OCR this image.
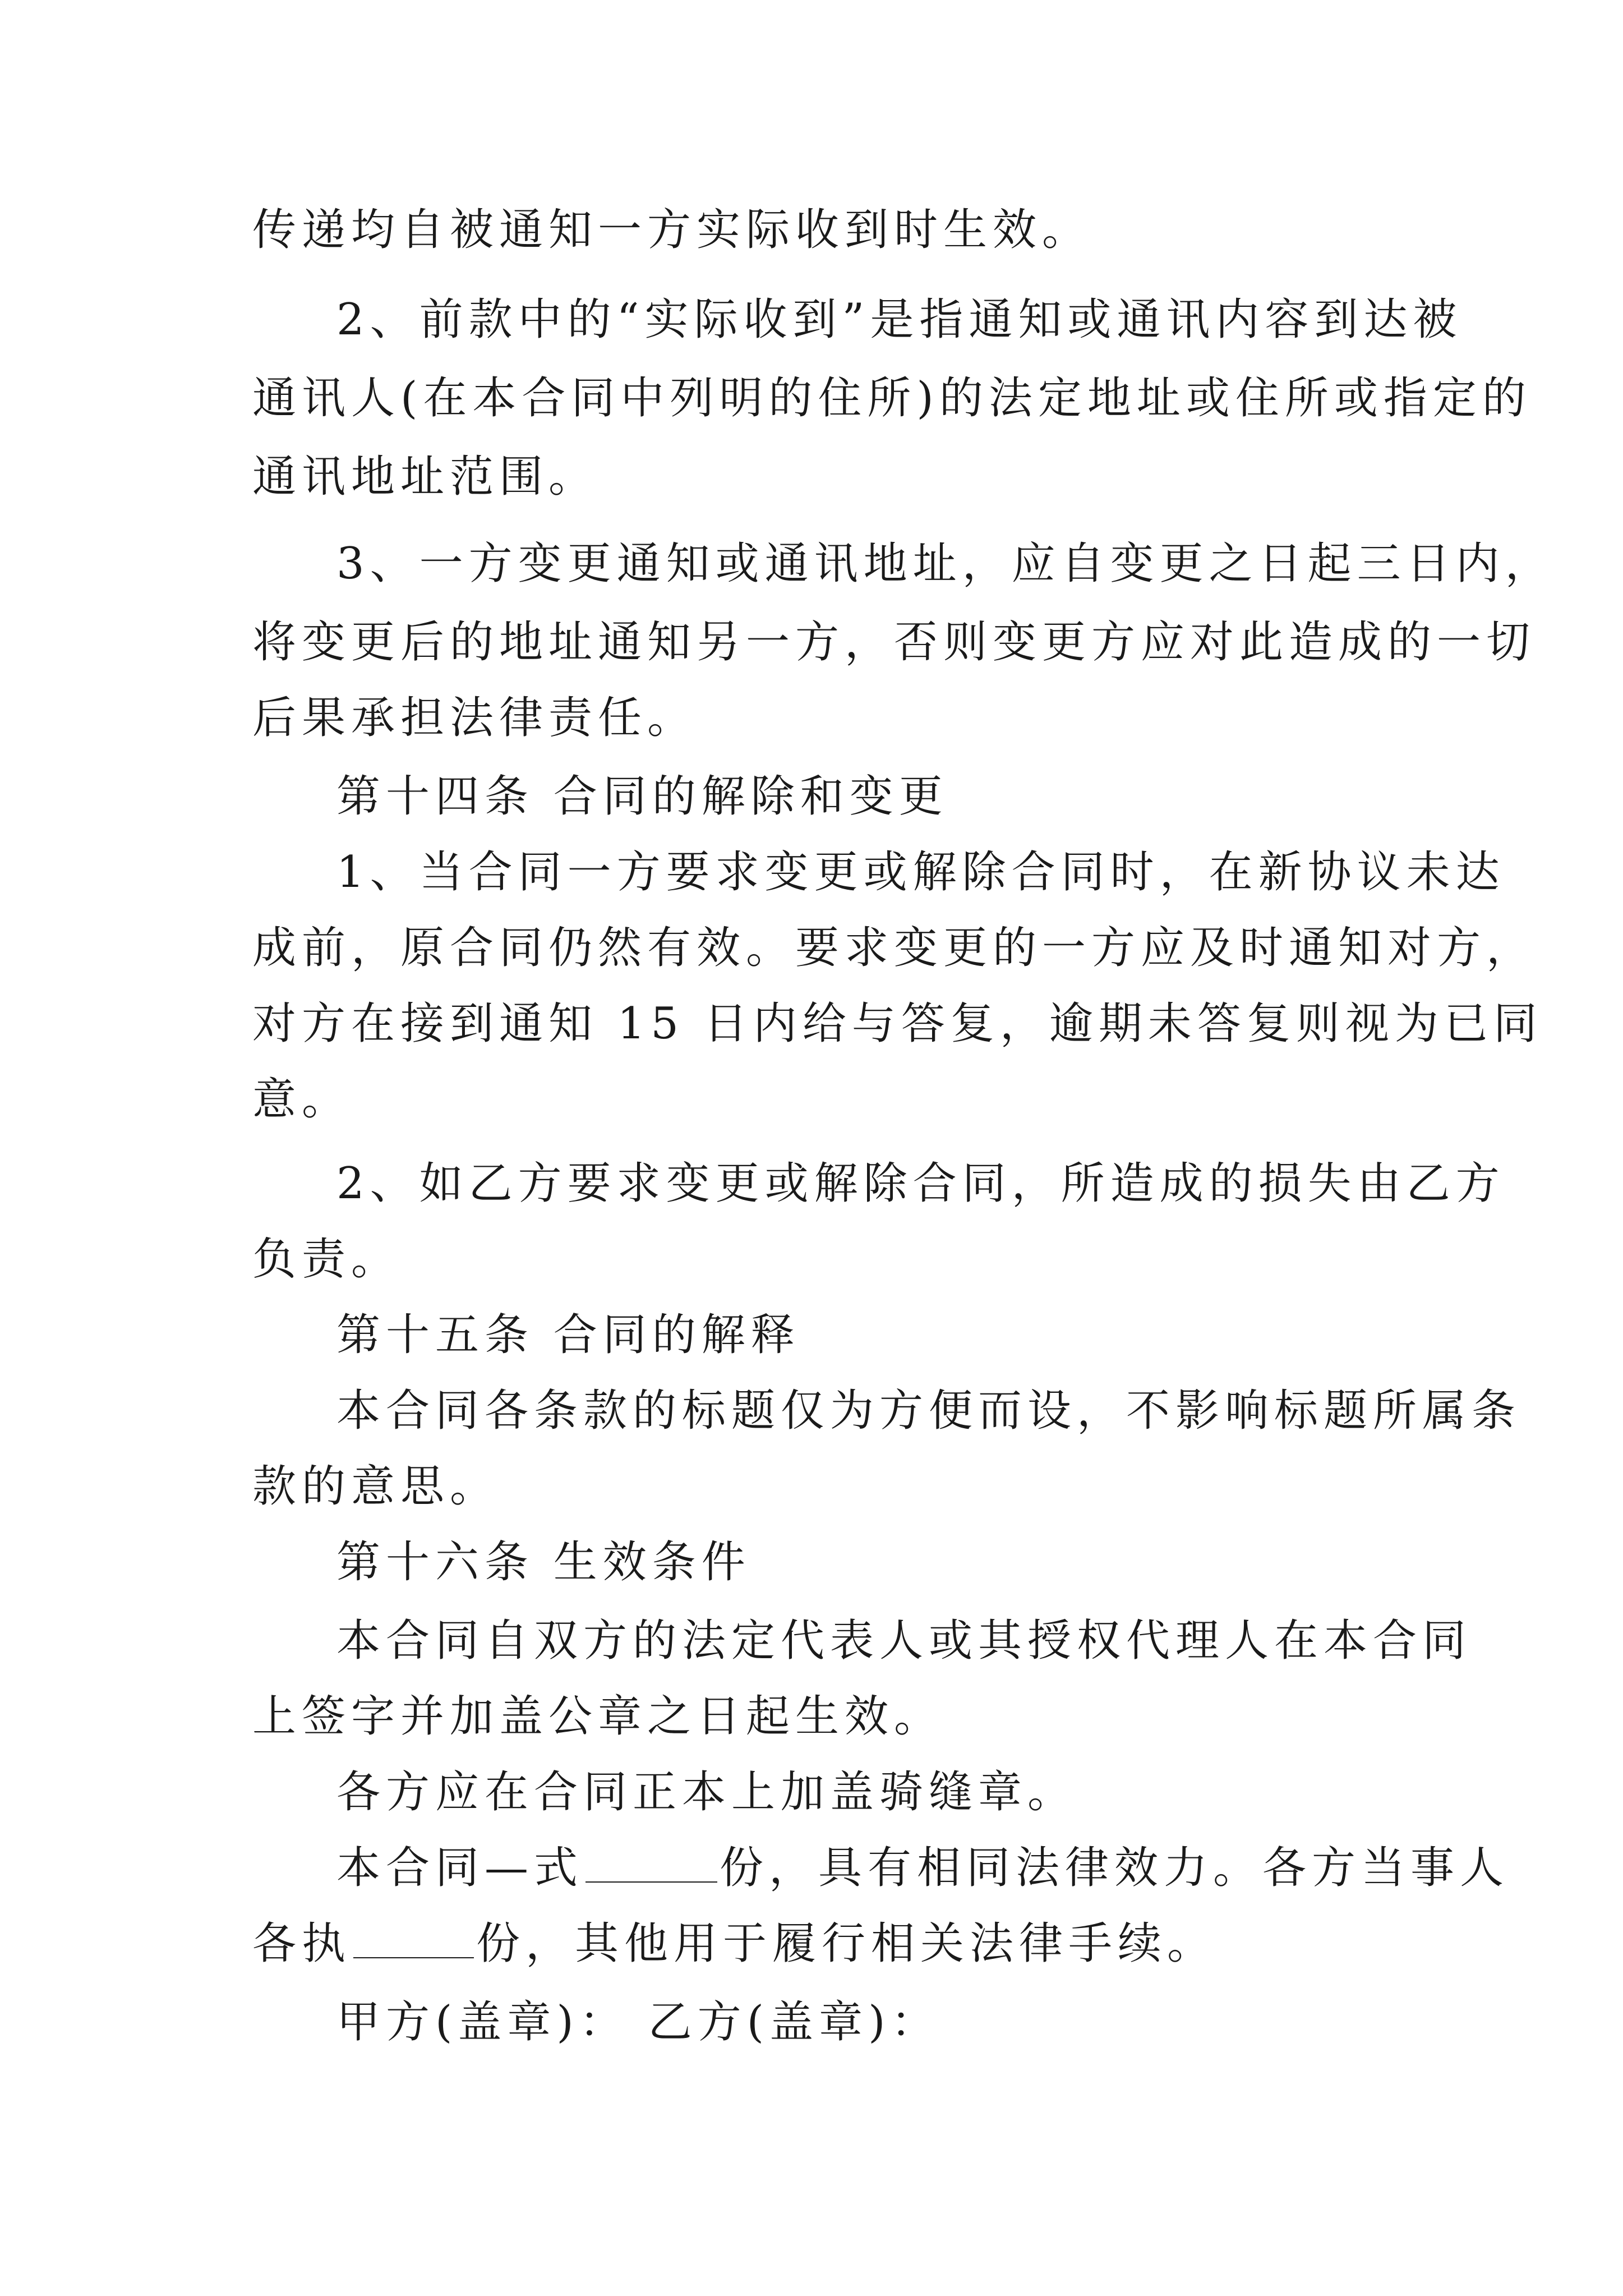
传递均自被通知一方实际收到时生效。
2、前款中的“实际收到”是指通知或通讯内容到达被
通讯人(在本合同中列明的住所)的法定地址或住所或指定的
通讯地址范围。
3、一方变更通知或通讯地址，应自变更之日起三日内，
将变更后的地址通知另一方，否则变更方应对此造成的一切
后果承担法律责任。
第十四条 合同的解除和变更
1、当合同一方要求变更或解除合同时，在新协议未达
成前，原合同仍然有效。要求变更的一方应及时通知对方，
对方在接到通知 15 日内给与答复，逾期未答复则视为已同
意。
2、如乙方要求变更或解除合同，所造成的损失由乙方
负责。
第十五条 合同的解释
本合同各条款的标题仅为方便而设，不影响标题所属条
款的意思。
第十六条 生效条件
本合同自双方的法定代表人或其授权代理人在本合同
上签字并加盖公章之日起生效。
各方应在合同正本上加盖骑缝章。
本合同—式	份，具有相同法律效力。各方当事人
各执	份，其他用于履行相关法律手续。
甲方(盖章)： 乙方(盖章)：
